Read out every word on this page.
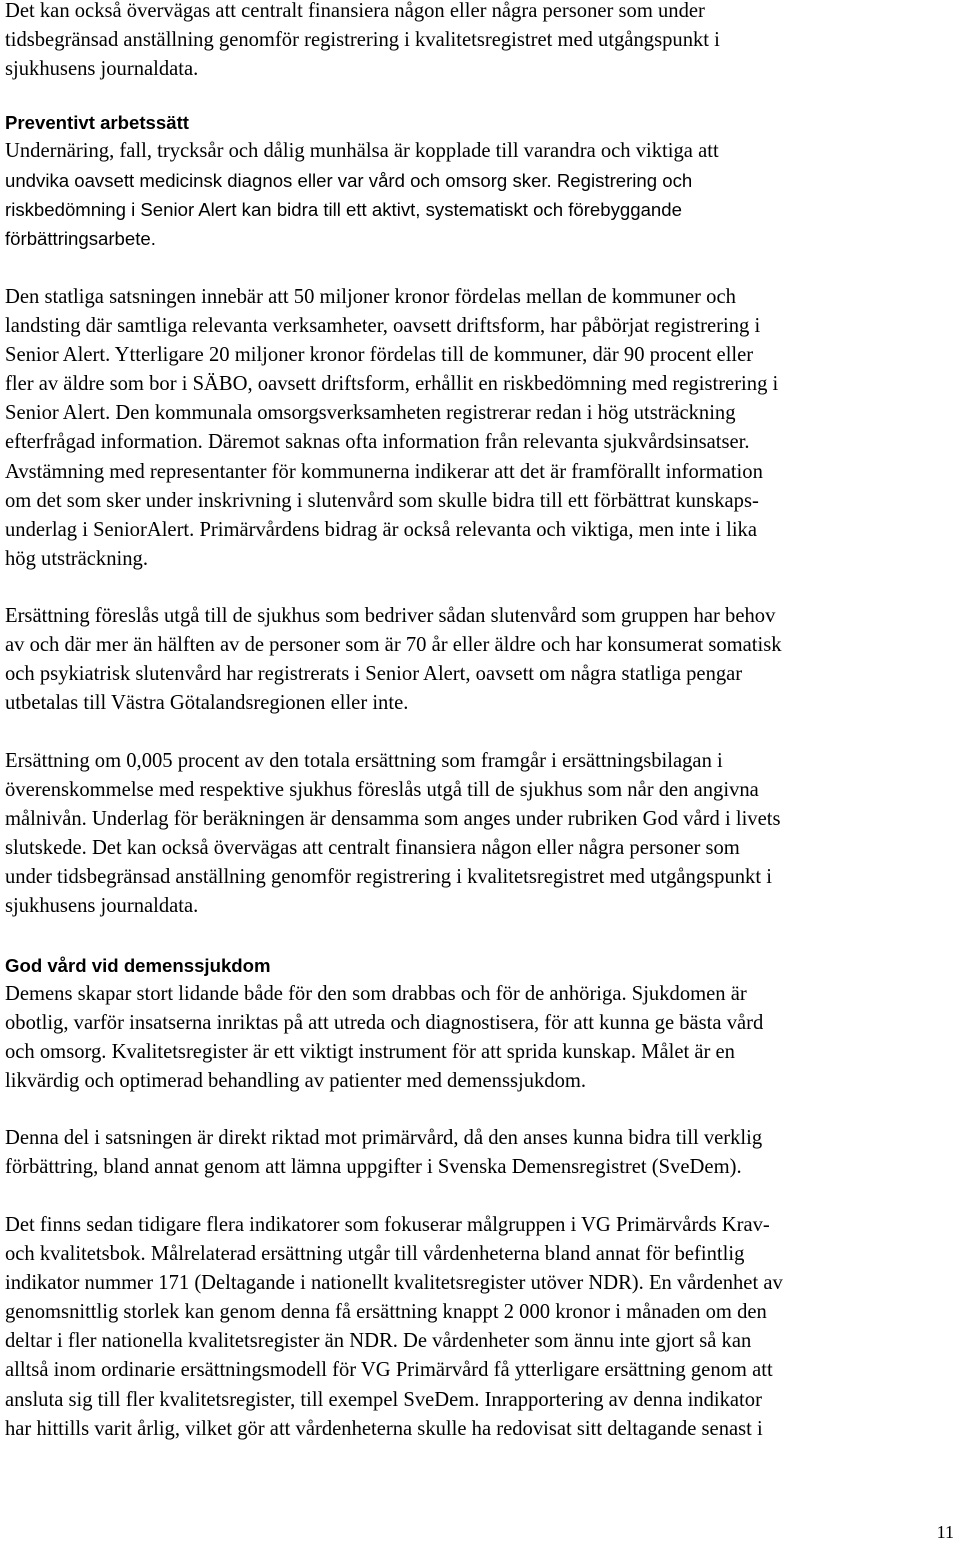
Det kan också övervägas att centralt finansiera någon eller några personer som under
tidsbegränsad anställning genomför registrering i kvalitetsregistret med utgångspunkt i
sjukhusens journaldata.

Preventivt arbetssätt

Undernäring, fall, trycksår och dålig munhälsa är kopplade till varandra och viktiga att
undvika oavsett medicinsk diagnos eller var vård och omsorg sker. Registrering och
riskbedömning i Senior Alert kan bidra till ett aktivt, systematiskt och förebyggande
förbättringsarbete.

Den statliga satsningen innebär att 50 miljoner kronor fördelas mellan de kommuner och
landsting där samtliga relevanta verksamheter, oavsett driftsform, har påbörjat registrering i
Senior Alert. Ytterligare 20 miljoner kronor fördelas till de kommuner, där 90 procent eller
fler av äldre som bor i SÄBO, oavsett driftsform, erhållit en riskbedömning med registrering i
Senior Alert. Den kommunala omsorgsverksamheten registrerar redan i hög utsträckning
efterfrågad information. Däremot saknas ofta information från relevanta sjukvårdsinsatser.
Avstämning med representanter för kommunerna indikerar att det är framförallt information
om det som sker under inskrivning i slutenvård som skulle bidra till ett förbättrat kunskaps-
underlag i SeniorAlert. Primärvårdens bidrag är också relevanta och viktiga, men inte i lika
hög utsträckning.

Ersättning föreslås utgå till de sjukhus som bedriver sådan slutenvård som gruppen har behov
av och där mer än hälften av de personer som är 70 år eller äldre och har konsumerat somatisk
och psykiatrisk slutenvård har registrerats i Senior Alert, oavsett om några statliga pengar
utbetalas till Västra Götalandsregionen eller inte.

Ersättning om 0,005 procent av den totala ersättning som framgår i ersättningsbilagan i
överenskommelse med respektive sjukhus föreslås utgå till de sjukhus som når den angivna
målnivån. Underlag för beräkningen är densamma som anges under rubriken God vård i livets
slutskede. Det kan också övervägas att centralt finansiera någon eller några personer som
under tidsbegränsad anställning genomför registrering i kvalitetsregistret med utgångspunkt i
sjukhusens journaldata.

God vård vid demenssjukdom

Demens skapar stort lidande både för den som drabbas och för de anhöriga. Sjukdomen är
obotlig, varför insatserna inriktas på att utreda och diagnostisera, för att kunna ge bästa vård
och omsorg. Kvalitetsregister är ett viktigt instrument för att sprida kunskap. Målet är en
likvärdig och optimerad behandling av patienter med demenssjukdom.

Denna del i satsningen är direkt riktad mot primärvård, då den anses kunna bidra till verklig
förbättring, bland annat genom att lämna uppgifter i Svenska Demensregistret (SveDem).

Det finns sedan tidigare flera indikatorer som fokuserar målgruppen i VG Primärvårds Krav-
och kvalitetsbok. Målrelaterad ersättning utgår till vårdenheterna bland annat för befintlig
indikator nummer 171 (Deltagande i nationellt kvalitetsregister utöver NDR). En vårdenhet av
genomsnittlig storlek kan genom denna få ersättning knappt 2 000 kronor i månaden om den
deltar i fler nationella kvalitetsregister än NDR. De vårdenheter som ännu inte gjort så kan
alltså inom ordinarie ersättningsmodell för VG Primärvård få ytterligare ersättning genom att
ansluta sig till fler kvalitetsregister, till exempel SveDem. Inrapportering av denna indikator
har hittills varit årlig, vilket gör att vårdenheterna skulle ha redovisat sitt deltagande senast i

11
